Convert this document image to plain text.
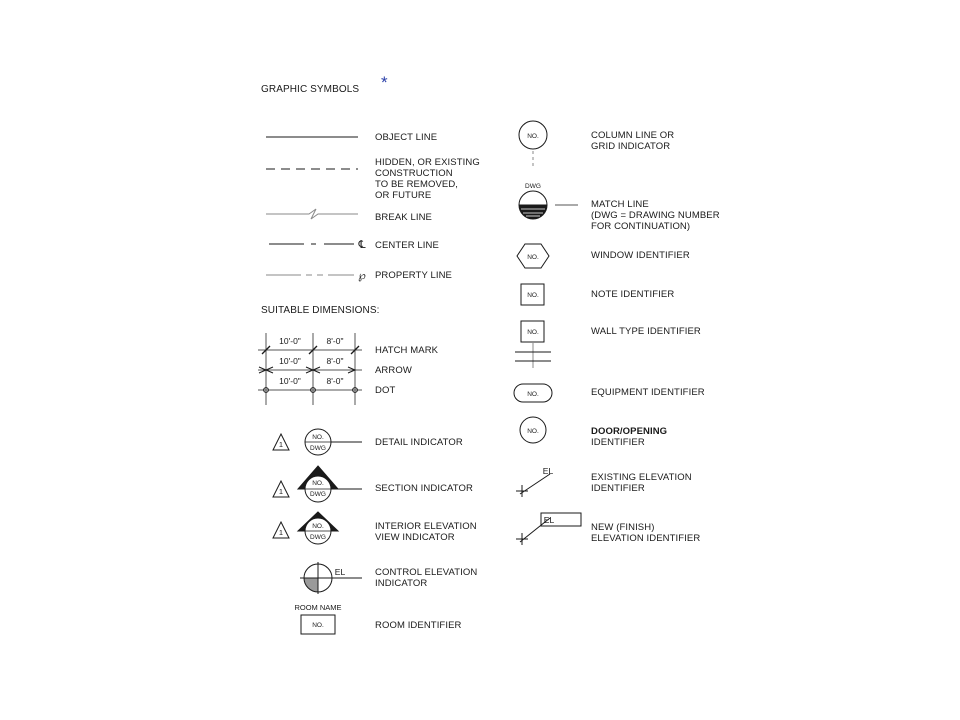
GRAPHIC SYMBOLS *
SUITABLE DIMENSIONS:
OBJECT LINE
HIDDEN, OR EXISTING
CONSTRUCTION
TO BE REMOVED,
OR FUTURE
BREAK LINE
CENTER LINE
PROPERTY LINE
HATCH MARK
ARROW
DOT
DETAIL INDICATOR
SECTION INDICATOR
INTERIOR ELEVATION
VIEW INDICATOR
CONTROL ELEVATION
INDICATOR
ROOM IDENTIFIER
COLUMN LINE OR
GRID INDICATOR
MATCH LINE
(DWG = DRAWING NUMBER
FOR CONTINUATION)
WINDOW IDENTIFIER
NOTE IDENTIFIER
WALL TYPE IDENTIFIER
EQUIPMENT IDENTIFIER
DOOR/OPENING
IDENTIFIER
EXISTING ELEVATION
IDENTIFIER
NEW (FINISH)
ELEVATION IDENTIFIER
℄
℘
10'-0"	8'-0"
10'-0"	8'-0"
10'-0"	8'-0"
1
NO.
DWG
1
NO.
DWG
1
NO.
DWG
EL
ROOM NAME
NO.
NO.
DWG
NO.
NO.
NO.
NO.
NO.
EL
EL
